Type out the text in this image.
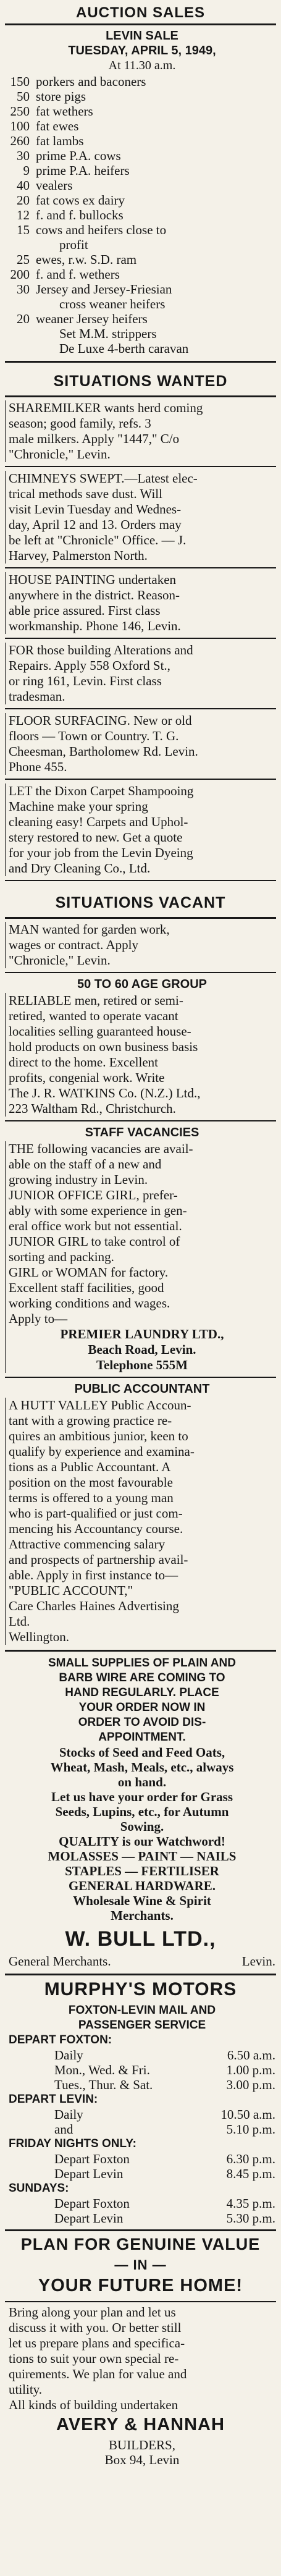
AUCTION SALES
LEVIN SALE
TUESDAY, APRIL 5, 1949,
At 11.30 a.m.
150 porkers and baconers
50 store pigs
250 fat wethers
100 fat ewes
260 fat lambs
30 prime P.A. cows
9 prime P.A. heifers
40 vealers
20 fat cows ex dairy
12 f. and f. bullocks
15 cows and heifers close to
profit
25 ewes, r.w. S.D. ram
200 f. and f. wethers
30 Jersey and Jersey-Friesian
cross weaner heifers
20 weaner Jersey heifers
Set M.M. strippers
De Luxe 4-berth caravan
SITUATIONS WANTED
SHAREMILKER wants herd coming
season; good family, refs. 3
male milkers. Apply "1447," C/o
"Chronicle," Levin.
CHIMNEYS SWEPT.—Latest elec-
trical methods save dust. Will
visit Levin Tuesday and Wednes-
day, April 12 and 13. Orders may
be left at "Chronicle" Office. — J.
Harvey, Palmerston North.
HOUSE PAINTING undertaken
anywhere in the district. Reason-
able price assured. First class
workmanship. Phone 146, Levin.
FOR those building Alterations and
Repairs. Apply 558 Oxford St.,
or ring 161, Levin. First class
tradesman.
FLOOR SURFACING. New or old
floors — Town or Country. T. G.
Cheesman, Bartholomew Rd. Levin.
Phone 455.
LET the Dixon Carpet Shampooing
Machine make your spring
cleaning easy! Carpets and Uphol-
stery restored to new. Get a quote
for your job from the Levin Dyeing
and Dry Cleaning Co., Ltd.
SITUATIONS VACANT
MAN wanted for garden work,
wages or contract. Apply
"Chronicle," Levin.
50 TO 60 AGE GROUP
RELIABLE men, retired or semi-
retired, wanted to operate vacant
localities selling guaranteed house-
hold products on own business basis
direct to the home. Excellent
profits, congenial work. Write
The J. R. WATKINS Co. (N.Z.) Ltd.,
223 Waltham Rd., Christchurch.
STAFF VACANCIES
THE following vacancies are avail-
able on the staff of a new and
growing industry in Levin.
JUNIOR OFFICE GIRL, prefer-
ably with some experience in gen-
eral office work but not essential.
JUNIOR GIRL to take control of
sorting and packing.
GIRL or WOMAN for factory.
Excellent staff facilities, good
working conditions and wages.
Apply to—
PREMIER LAUNDRY LTD.,
Beach Road, Levin.
Telephone 555M
PUBLIC ACCOUNTANT
A HUTT VALLEY Public Accoun-
tant with a growing practice re-
quires an ambitious junior, keen to
qualify by experience and examina-
tions as a Public Accountant. A
position on the most favourable
terms is offered to a young man
who is part-qualified or just com-
mencing his Accountancy course.
Attractive commencing salary
and prospects of partnership avail-
able. Apply in first instance to—
"PUBLIC ACCOUNT,"
Care Charles Haines Advertising
Ltd.
Wellington.
SMALL SUPPLIES OF PLAIN AND
BARB WIRE ARE COMING TO
HAND REGULARLY. PLACE
YOUR ORDER NOW IN
ORDER TO AVOID DIS-
APPOINTMENT.
Stocks of Seed and Feed Oats,
Wheat, Mash, Meals, etc., always
on hand.
Let us have your order for Grass
Seeds, Lupins, etc., for Autumn
Sowing.
QUALITY is our Watchword!
MOLASSES — PAINT — NAILS
STAPLES — FERTILISER
GENERAL HARDWARE.
Wholesale Wine & Spirit
Merchants.
W. BULL LTD.,
General Merchants.	Levin.
MURPHY'S MOTORS
FOXTON-LEVIN MAIL AND
PASSENGER SERVICE
DEPART FOXTON:
Daily	6.50 a.m.
Mon., Wed. & Fri.	1.00 p.m.
Tues., Thur. & Sat.	3.00 p.m.
DEPART LEVIN:
Daily	10.50 a.m.
and	5.10 p.m.
FRIDAY NIGHTS ONLY:
Depart Foxton	6.30 p.m.
Depart Levin	8.45 p.m.
SUNDAYS:
Depart Foxton	4.35 p.m.
Depart Levin	5.30 p.m.
PLAN FOR GENUINE VALUE
— IN —
YOUR FUTURE HOME!
Bring along your plan and let us
discuss it with you. Or better still
let us prepare plans and specifica-
tions to suit your own special re-
quirements. We plan for value and
utility.
All kinds of building undertaken
AVERY & HANNAH
BUILDERS,
Box 94, Levin
